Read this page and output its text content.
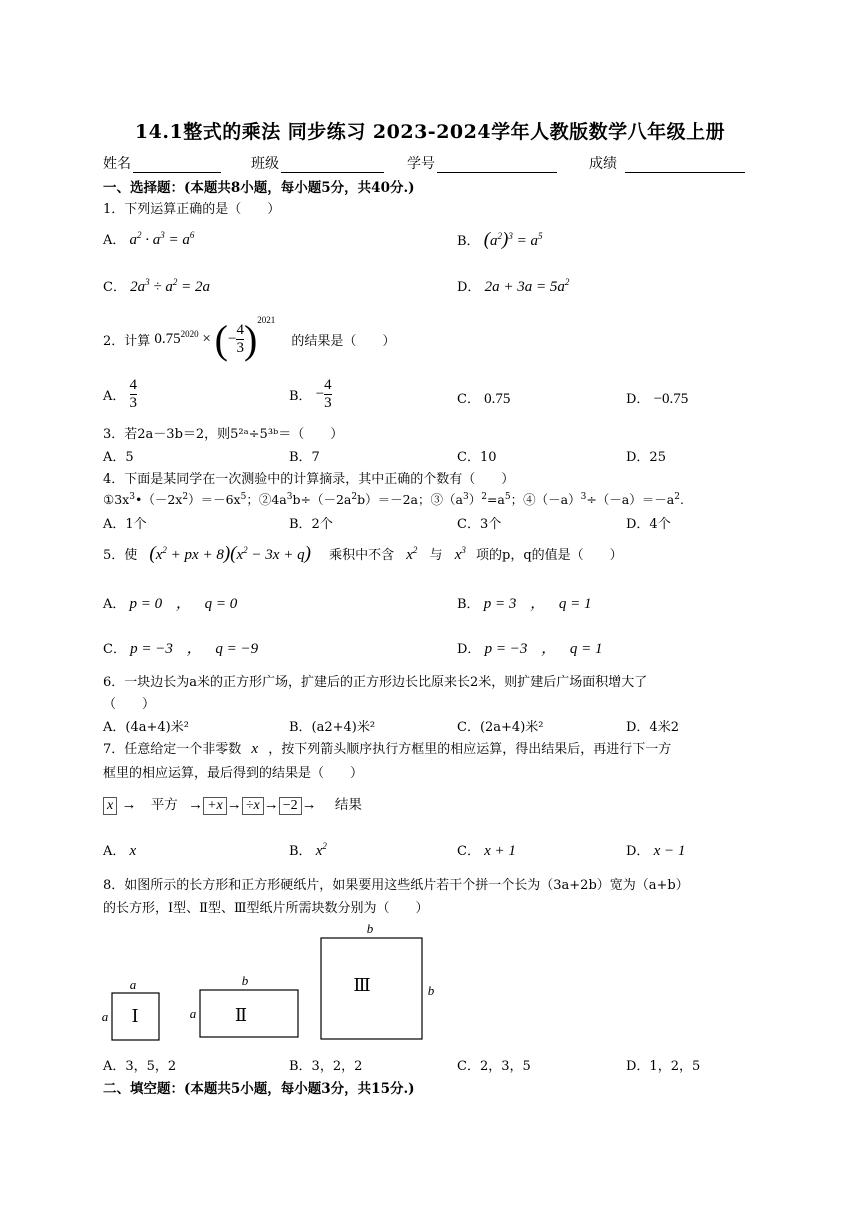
14.1整式的乘法 同步练习 2023-2024学年人教版数学八年级上册
姓名	班级	学号	成绩
一、选择题：(本题共8小题，每小题5分，共40分.)
1．下列运算正确的是（　　）
A． $a^2 \cdot a^3 = a^6$	B． $(a^2)^3 = a^5$
C． $2a^3 \div a^2 = 2a$	D． $2a + 3a = 5a^2$
2．计算 $0.75^{2020}$ × (− $\frac{4}{3} )^{2021}$ 的结果是（　　）
A． $\frac{4}{3}$	B． − $\frac{4}{3}$	C． 0.75	D． −0.75
3．若2a－3b＝2，则5²ᵃ÷5³ᵇ＝（　　）
A．5	B．7	C．10	D．25
4．下面是某同学在一次测验中的计算摘录，其中正确的个数有（　　）
$①3x^3•(-2x^2)=-6x^5$；$②4a^3b\div(-2a^2b)=-2a$；$③(a^3)^2=a^5$；$④(-a)^3\div(-a)=-a^2$.
A．1个	B．2个	C．3个	D．4个
5．使 ($x^2$ + px + $8)(x^2 - 3x + q)$ 乘积中不含 $x^2$ 与 $x^3$ 项的p，q的值是（　　）
A． p = 0 ， q = 0	B． p = 3 ， q = 1
C． p = −3 ， q = −9	D． p = −3 ， q = 1
6．一块边长为a米的正方形广场，扩建后的正方形边长比原来长2米，则扩建后广场面积增大了
（　　）
A．(4a+4)米²	B．(a2+4)米²	C．(2a+4)米²	D．4米2
7．任意给定一个非零数 x ，按下列箭头顺序执行方框里的相应运算，得出结果后，再进行下一方
框里的相应运算，最后得到的结果是（　　）
x → 平方 → +x → ÷x → −2 → 结果
A． x	B． $x^2$	C． x + 1	D． x − 1
8．如图所示的长方形和正方形硬纸片，如果要用这些纸片若干个拼一个长为（3a+2b）宽为（a+b）
的长方形，Ⅰ型、Ⅱ型、Ⅲ型纸片所需块数分别为（　　）
Ⅰ
a
a	Ⅱ
b
a
Ⅲ
b
b
A．3，5，2	B．3，2，2	C．2，3，5	D．1，2，5
二、填空题：(本题共5小题，每小题3分，共15分.)
